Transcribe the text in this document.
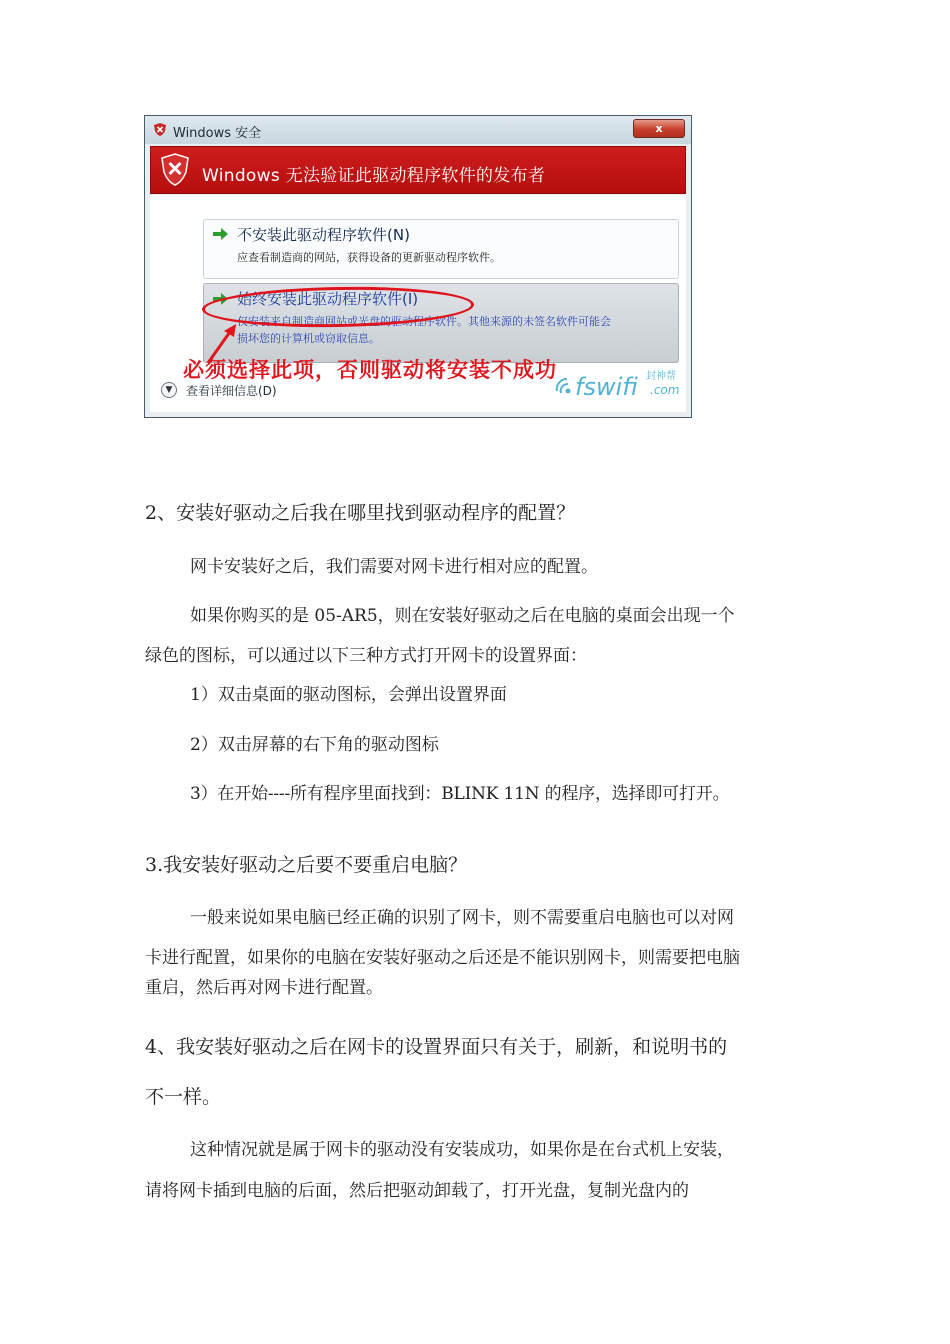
Windows 安全	x
Windows 无法验证此驱动程序软件的发布者
不安装此驱动程序软件(N)
应查看制造商的网站，获得设备的更新驱动程序软件。
始终安装此驱动程序软件(I)
仅安装来自制造商网站或光盘的驱动程序软件。其他来源的未签名软件可能会
损坏您的计算机或窃取信息。
必须选择此项，否则驱动将安装不成功
▼	查看详细信息(D)	fswifi 封神帮
.com
2、安装好驱动之后我在哪里找到驱动程序的配置？
网卡安装好之后，我们需要对网卡进行相对应的配置。
如果你购买的是 05-AR5，则在安装好驱动之后在电脑的桌面会出现一个
绿色的图标，可以通过以下三种方式打开网卡的设置界面：
1）双击桌面的驱动图标，会弹出设置界面
2）双击屏幕的右下角的驱动图标
3）在开始----所有程序里面找到：BLINK 11N 的程序，选择即可打开。
3.我安装好驱动之后要不要重启电脑？
一般来说如果电脑已经正确的识别了网卡，则不需要重启电脑也可以对网
卡进行配置，如果你的电脑在安装好驱动之后还是不能识别网卡，则需要把电脑
重启，然后再对网卡进行配置。
4、我安装好驱动之后在网卡的设置界面只有关于，刷新，和说明书的
不一样。
这种情况就是属于网卡的驱动没有安装成功，如果你是在台式机上安装，
请将网卡插到电脑的后面，然后把驱动卸载了，打开光盘，复制光盘内的
